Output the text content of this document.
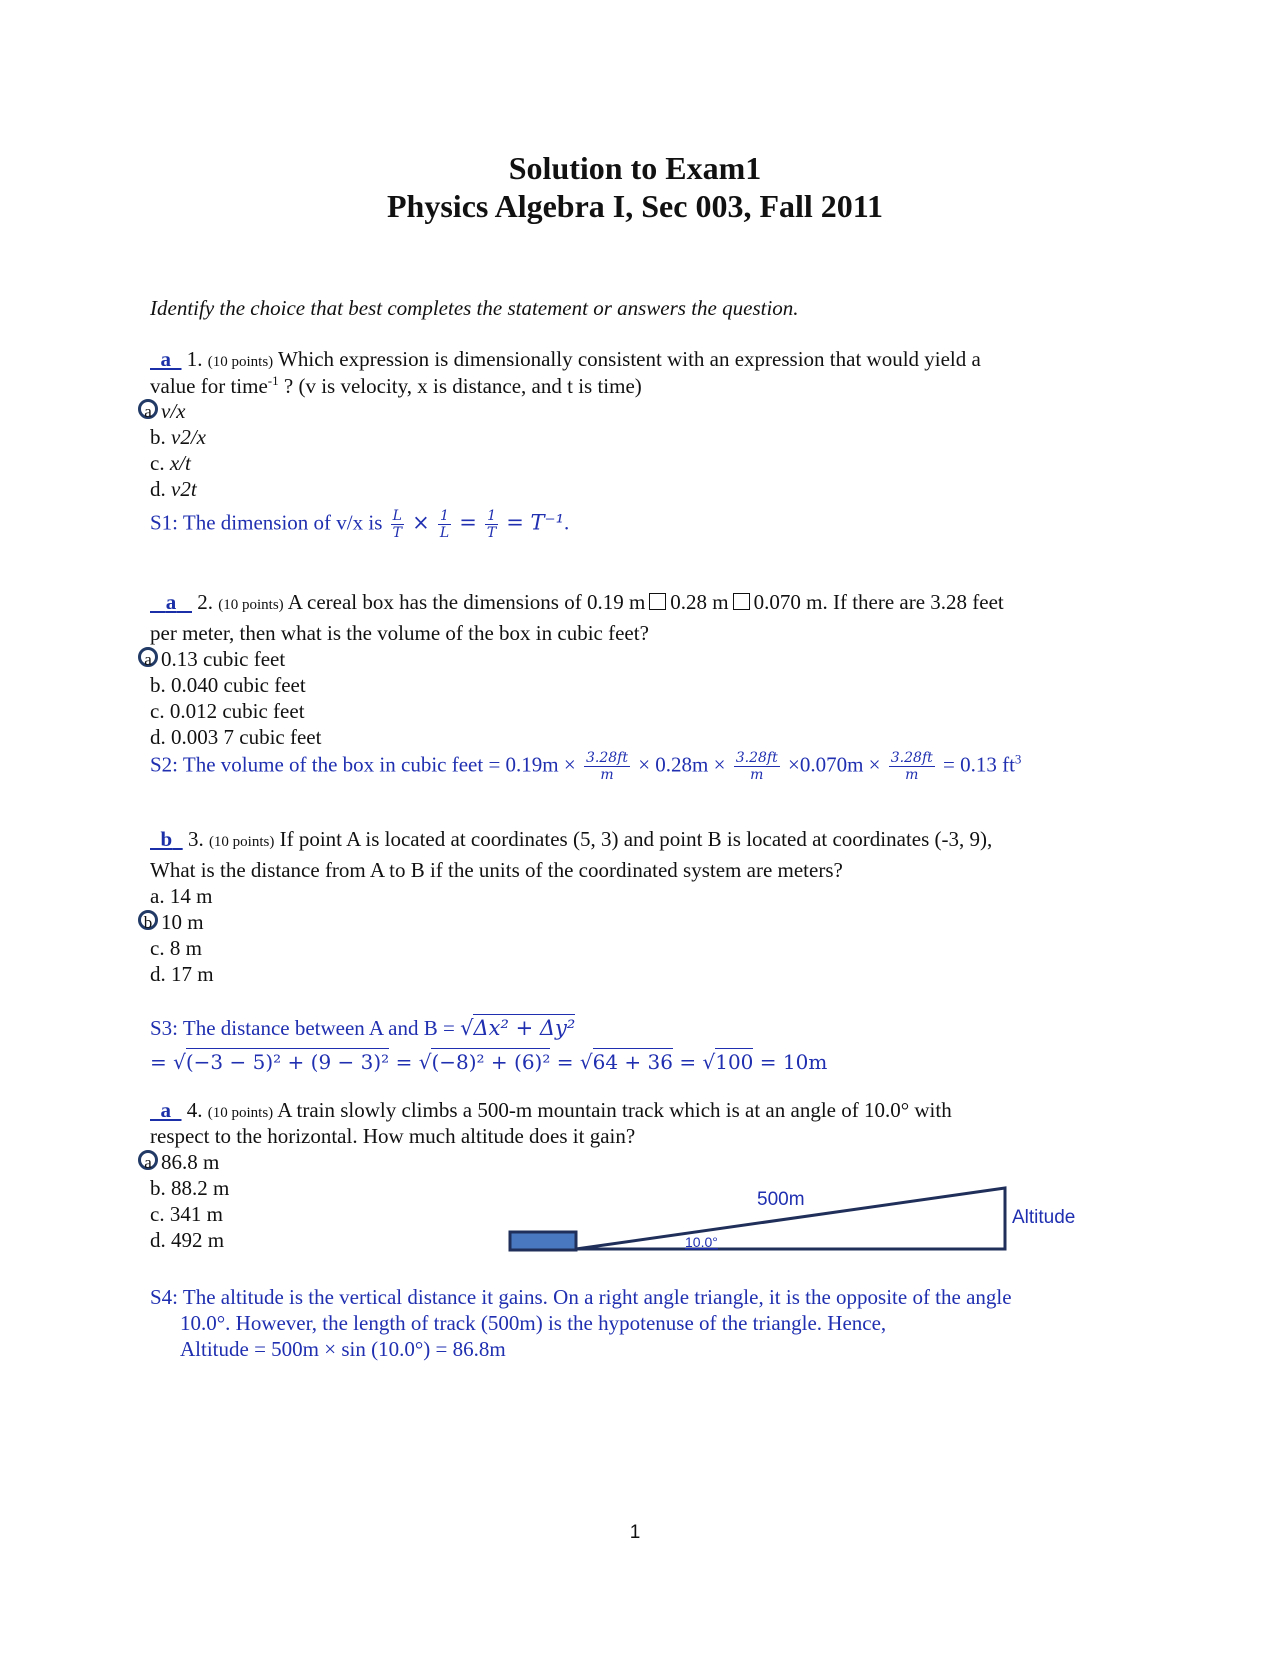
Solution to Exam1
Physics Algebra I, Sec 003, Fall 2011
Identify the choice that best completes the statement or answers the question.
a 1. (10 points) Which expression is dimensionally consistent with an expression that would yield a
value for time$^{-1}$ ? (v is velocity, x is distance, and t is time)
a v/x
b. v2/x
c. x/t
d. v2t
S1: The dimension of v/x is $\frac{L}{T} \times \frac{1}{L} = \frac{1}{T} = T^{-1}$.
a 2. (10 points) A cereal box has the dimensions of 0.19 m 0.28 m 0.070 m. If there are 3.28 feet
per meter, then what is the volume of the box in cubic feet?
a 0.13 cubic feet
b. 0.040 cubic feet
c. 0.012 cubic feet
d. 0.003 7 cubic feet
S2: The volume of the box in cubic feet = $0.19m \times \frac{3.28ft}{m} \times 0.28m \times \frac{3.28ft}{m} \times 0.070m \times \frac{3.28ft}{m} = 0.13$ $ft^3$
b 3. (10 points) If point A is located at coordinates (5, 3) and point B is located at coordinates (-3, 9),
What is the distance from A to B if the units of the coordinated system are meters?
a. 14 m
b 10 m
c. 8 m
d. 17 m
S3: The distance between A and B = √Δx² + Δy²
= √(−3 − 5)² + (9 − 3)² = √(−8)² + (6)² = √64 + 36 = √100 = 10m
a 4. (10 points) A train slowly climbs a 500-m mountain track which is at an angle of 10.0° with
respect to the horizontal. How much altitude does it gain?
a 86.8 m
b. 88.2 m
c. 341 m
d. 492 m
500m
Altitude
10.0°
S4: The altitude is the vertical distance it gains. On a right angle triangle, it is the opposite of the angle
10.0°. However, the length of track (500m) is the hypotenuse of the triangle. Hence,
Altitude = 500m × sin (10.0°) = 86.8m
1
